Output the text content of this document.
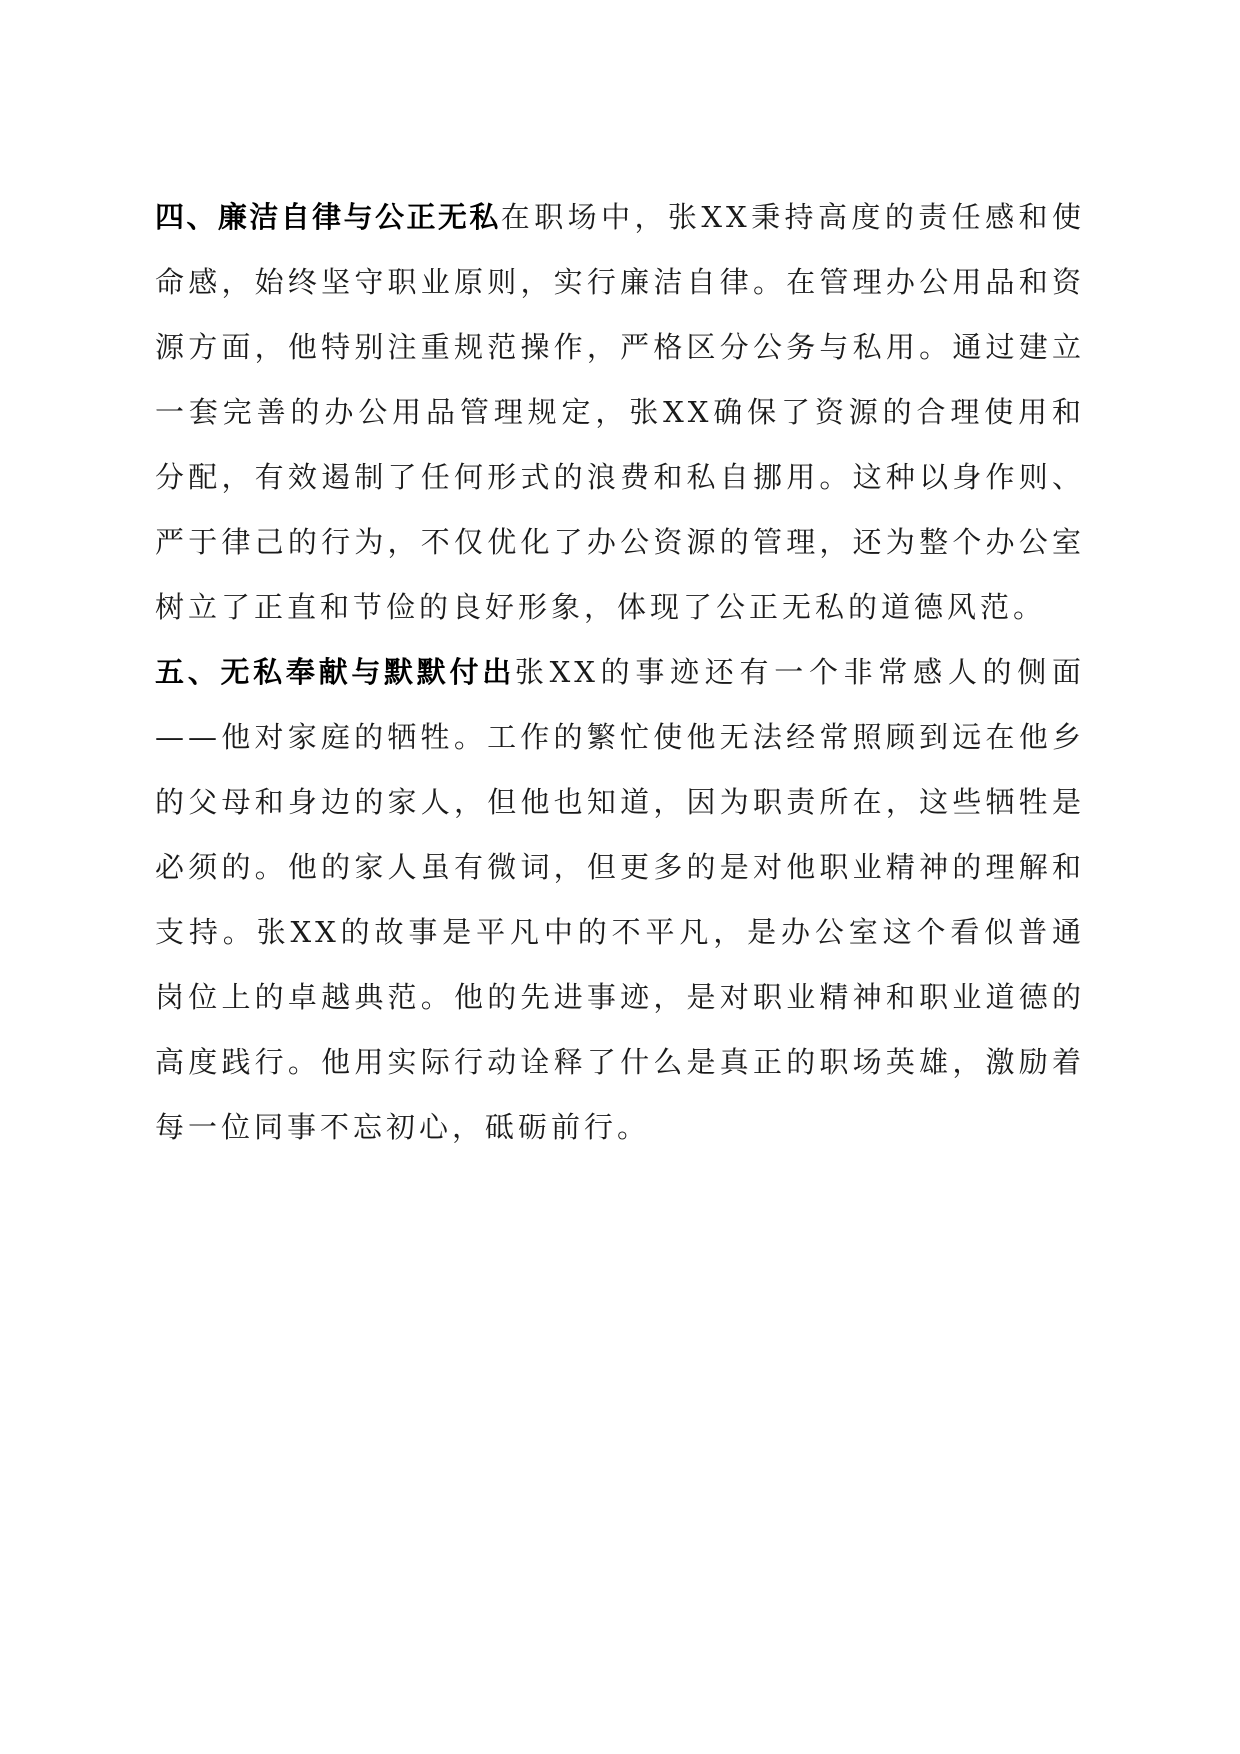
四、廉洁自律与公正无私在职场中，张XX秉持高度的责任感和使命感，始终坚守职业原则，实行廉洁自律。在管理办公用品和资源方面，他特别注重规范操作，严格区分公务与私用。通过建立一套完善的办公用品管理规定，张XX确保了资源的合理使用和分配，有效遏制了任何形式的浪费和私自挪用。这种以身作则、严于律己的行为，不仅优化了办公资源的管理，还为整个办公室树立了正直和节俭的良好形象，体现了公正无私的道德风范。

五、无私奉献与默默付出张XX的事迹还有一个非常感人的侧面——他对家庭的牺牲。工作的繁忙使他无法经常照顾到远在他乡的父母和身边的家人，但他也知道，因为职责所在，这些牺牲是必须的。他的家人虽有微词，但更多的是对他职业精神的理解和支持。张XX的故事是平凡中的不平凡，是办公室这个看似普通岗位上的卓越典范。他的先进事迹，是对职业精神和职业道德的高度践行。他用实际行动诠释了什么是真正的职场英雄，激励着每一位同事不忘初心，砥砺前行。
